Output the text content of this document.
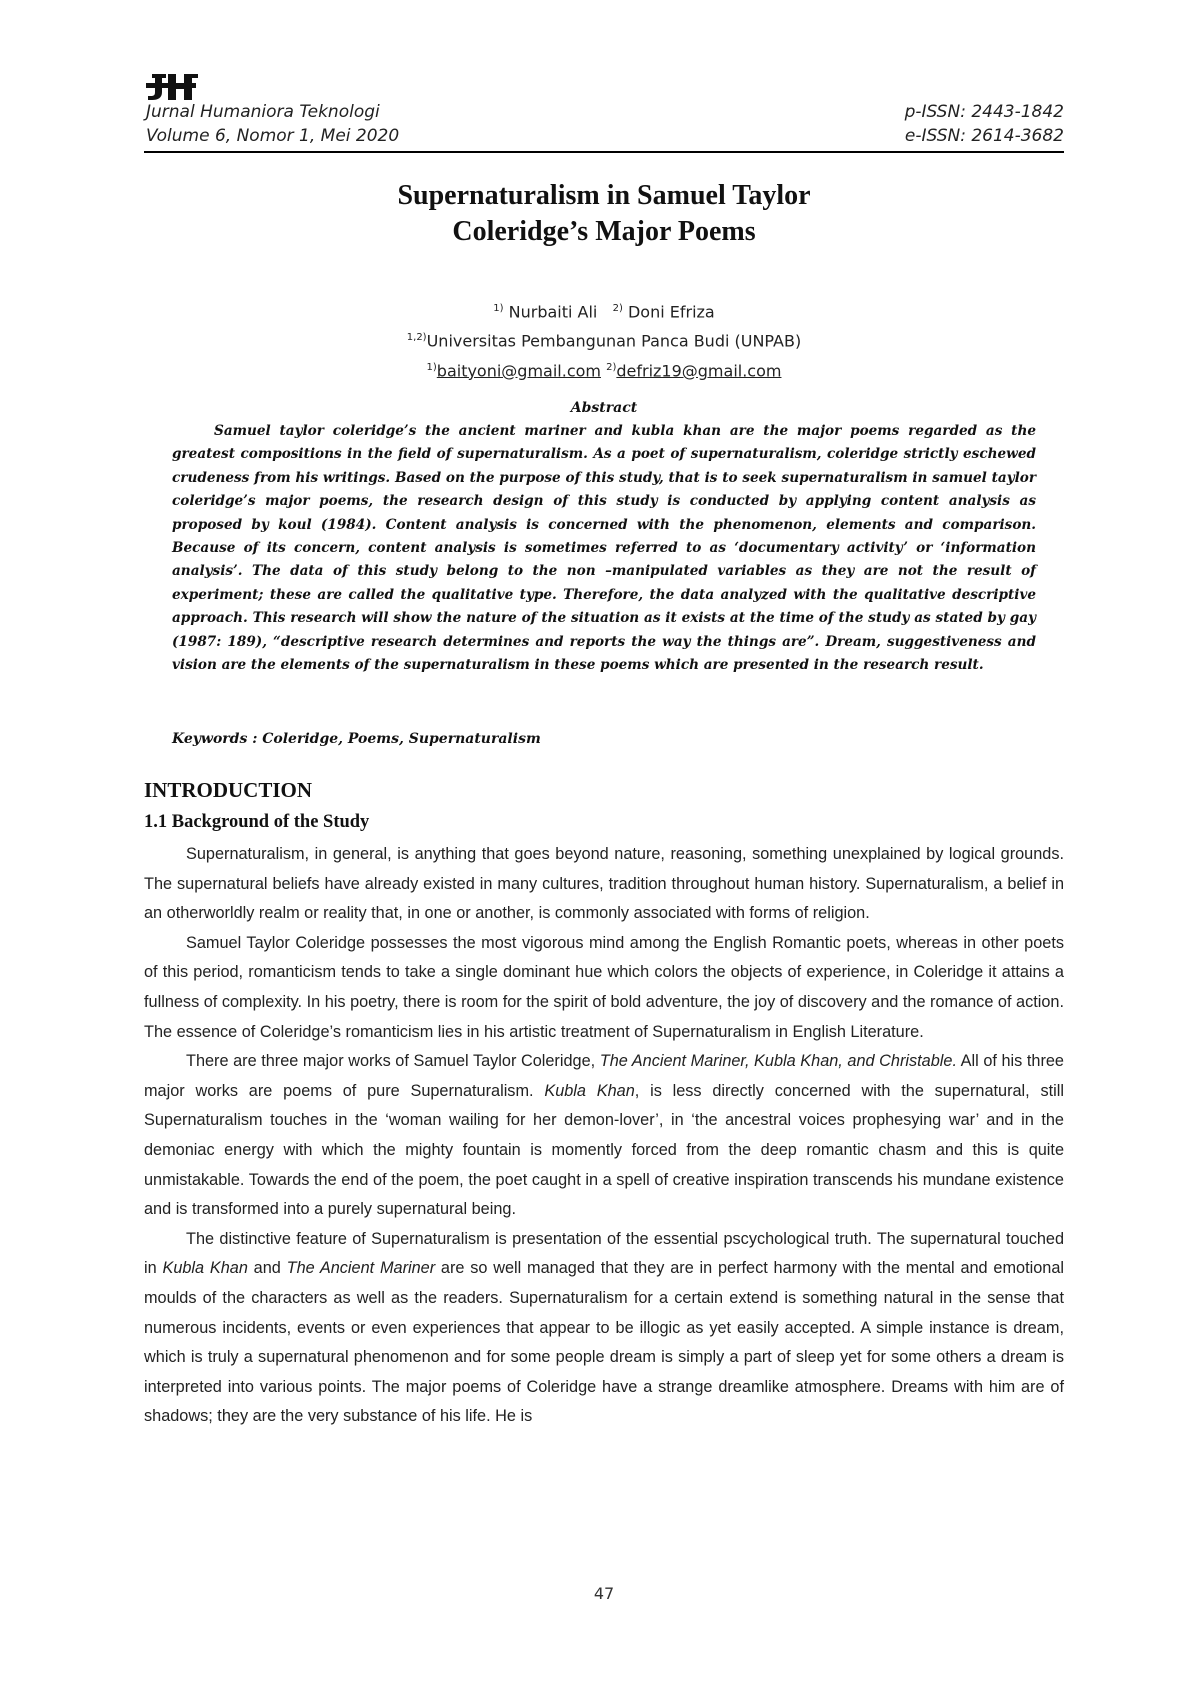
Jurnal Humaniora Teknologi
Volume 6, Nomor 1, Mei 2020
p-ISSN: 2443-1842
e-ISSN: 2614-3682
Supernaturalism in Samuel Taylor
Coleridge’s Major Poems
$^{1)}$ Nurbaiti Ali $^{2)}$ Doni Efriza
$^{1,2)}$Universitas Pembangunan Panca Budi (UNPAB)
$^{1)}$baityoni@gmail.com $^{2)}$defriz19@gmail.com
Abstract

Samuel taylor coleridge’s the ancient mariner and kubla khan are the major poems regarded as the greatest compositions in the field of supernaturalism. As a poet of supernaturalism, coleridge strictly eschewed crudeness from his writings. Based on the purpose of this study, that is to seek supernaturalism in samuel taylor coleridge’s major poems, the research design of this study is conducted by applying content analysis as proposed by koul (1984). Content analysis is concerned with the phenomenon, elements and comparison. Because of its concern, content analysis is sometimes referred to as ‘documentary activity’ or ‘information analysis’. The data of this study belong to the non –manipulated variables as they are not the result of experiment; these are called the qualitative type. Therefore, the data analyzed with the qualitative descriptive approach. This research will show the nature of the situation as it exists at the time of the study as stated by gay (1987: 189), “descriptive research determines and reports the way the things are”. Dream, suggestiveness and vision are the elements of the supernaturalism in these poems which are presented in the research result.

Keywords : Coleridge, Poems, Supernaturalism
INTRODUCTION
1.1 Background of the Study

Supernaturalism, in general, is anything that goes beyond nature, reasoning, something unexplained by logical grounds. The supernatural beliefs have already existed in many cultures, tradition throughout human history. Supernaturalism, a belief in an otherworldly realm or reality that, in one or another, is commonly associated with forms of religion.

Samuel Taylor Coleridge possesses the most vigorous mind among the English Romantic poets, whereas in other poets of this period, romanticism tends to take a single dominant hue which colors the objects of experience, in Coleridge it attains a fullness of complexity. In his poetry, there is room for the spirit of bold adventure, the joy of discovery and the romance of action. The essence of Coleridge’s romanticism lies in his artistic treatment of Supernaturalism in English Literature.

There are three major works of Samuel Taylor Coleridge, The Ancient Mariner, Kubla Khan, and Christable. All of his three major works are poems of pure Supernaturalism. Kubla Khan, is less directly concerned with the supernatural, still Supernaturalism touches in the ‘woman wailing for her demon-lover’, in ‘the ancestral voices prophesying war’ and in the demoniac energy with which the mighty fountain is momently forced from the deep romantic chasm and this is quite unmistakable. Towards the end of the poem, the poet caught in a spell of creative inspiration transcends his mundane existence and is transformed into a purely supernatural being.

The distinctive feature of Supernaturalism is presentation of the essential pscychological truth. The supernatural touched in Kubla Khan and The Ancient Mariner are so well managed that they are in perfect harmony with the mental and emotional moulds of the characters as well as the readers. Supernaturalism for a certain extend is something natural in the sense that numerous incidents, events or even experiences that appear to be illogic as yet easily accepted. A simple instance is dream, which is truly a supernatural phenomenon and for some people dream is simply a part of sleep yet for some others a dream is interpreted into various points. The major poems of Coleridge have a strange dreamlike atmosphere. Dreams with him are of shadows; they are the very substance of his life. He is

47
